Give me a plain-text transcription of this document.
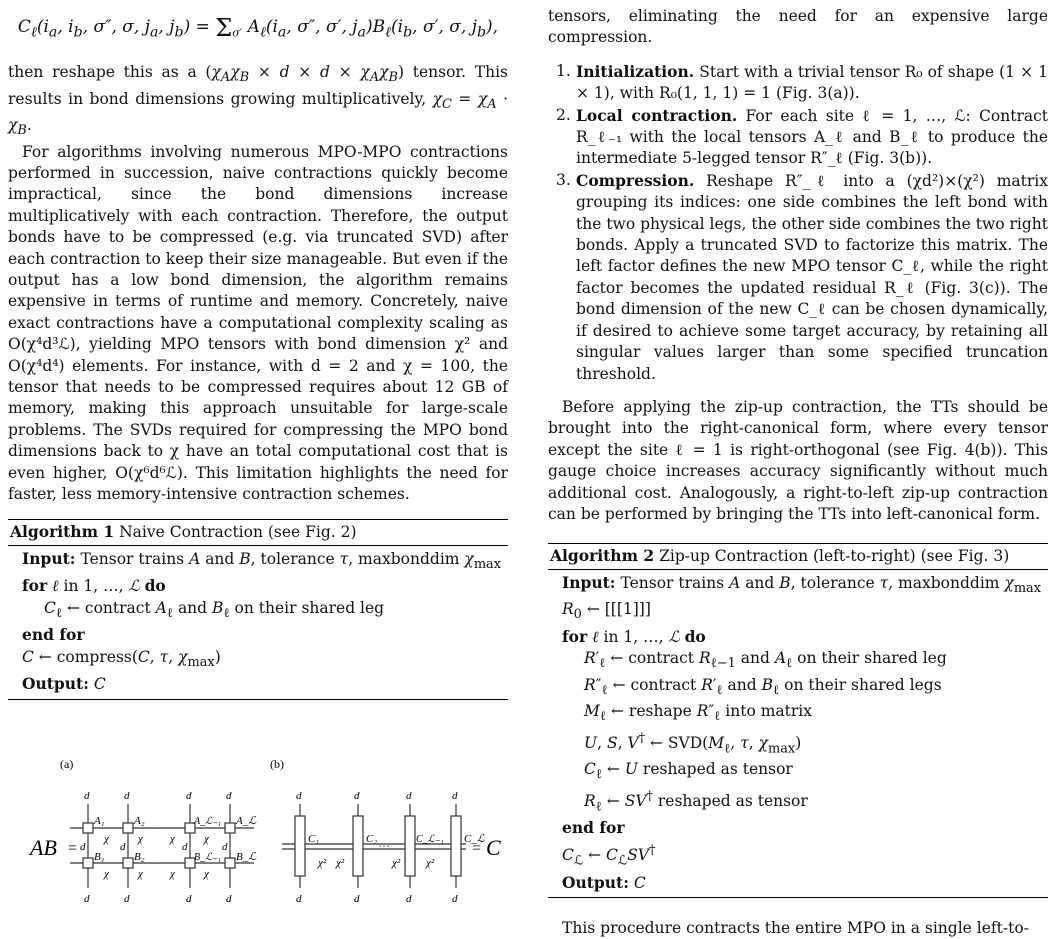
$C_\ell(i_a$, $i_b$, σ″, σ, $j_a$, $j_b) = \Sigma_{\sigma'}$ $A_\ell(i_a$, σ″, σ′, $j_a)B_\ell(i_b$, σ′, σ, $j_b$),

then reshape this as a $(\chi_A\chi_B \times d \times d \times \chi_A\chi_B)$ tensor. This results in bond dimensions growing multiplicatively, $\chi_C = \chi_A \cdot \chi_B$.

For algorithms involving numerous MPO-MPO contractions performed in succession, naive contractions quickly become impractical, since the bond dimensions increase multiplicatively with each contraction. Therefore, the output bonds have to be compressed (e.g. via truncated SVD) after each contraction to keep their size manageable. But even if the output has a low bond dimension, the algorithm remains expensive in terms of runtime and memory. Concretely, naive exact contractions have a computational complexity scaling as O(χ⁴d³ℒ), yielding MPO tensors with bond dimension χ² and O(χ⁴d⁴) elements. For instance, with d = 2 and χ = 100, the tensor that needs to be compressed requires about 12 GB of memory, making this approach unsuitable for large-scale problems. The SVDs required for compressing the MPO bond dimensions back to χ have an total computational cost that is even higher, O(χ⁶d⁶ℒ). This limitation highlights the need for faster, less memory-intensive contraction schemes.

Algorithm 1 Naive Contraction (see Fig. 2)
Input: Tensor trains A and B, tolerance τ, maxbonddim $\chi_{max}$
for ℓ in 1, …, ℒ do
$C_\ell$ ← contract $A_\ell$ and $B_\ell$ on their shared leg
end for
C ← compress(C, τ, $\chi_{max}$)
Output: C
(a)	(b)
AB =
d	d	d	d
d	d	d	d
d	d	d	d
χ	χ χ	χ
χ	χ χ	χ
A₁	A₂	A_ℒ₋₁ A_ℒ
B₁	B₂	B_ℒ₋₁ B_ℒ
⋯
⋯
d	d	d	d
d	d	d	d
C₁	C₂	C_ℒ₋₁ C_ℒ
χ² χ²	χ² χ²
⋯	= C

tensors, eliminating the need for an expensive large compression.

1. Initialization. Start with a trivial tensor R₀ of shape (1 × 1 × 1), with R₀(1, 1, 1) = 1 (Fig. 3(a)).
2. Local contraction. For each site ℓ = 1, …, ℒ: Contract R_ℓ₋₁ with the local tensors A_ℓ and B_ℓ to produce the intermediate 5-legged tensor R″_ℓ (Fig. 3(b)).
3. Compression. Reshape R″_ℓ into a (χd²)×(χ²) matrix grouping its indices: one side combines the left bond with the two physical legs, the other side combines the two right bonds. Apply a truncated SVD to factorize this matrix. The left factor defines the new MPO tensor C_ℓ, while the right factor becomes the updated residual R_ℓ (Fig. 3(c)). The bond dimension of the new C_ℓ can be chosen dynamically, if desired to achieve some target accuracy, by retaining all singular values larger than some specified truncation threshold.

Before applying the zip-up contraction, the TTs should be brought into the right-canonical form, where every tensor except the site ℓ = 1 is right-orthogonal (see Fig. 4(b)). This gauge choice increases accuracy significantly without much additional cost. Analogously, a right-to-left zip-up contraction can be performed by bringing the TTs into left-canonical form.

Algorithm 2 Zip-up Contraction (left-to-right) (see Fig. 3)
Input: Tensor trains A and B, tolerance τ, maxbonddim $\chi_{max}$
$R_0$ ← [[[1]]]
for ℓ in 1, …, ℒ do
$R'_\ell$ ← contract $R_{\ell-1}$ and $A_\ell$ on their shared leg
$R''_\ell$ ← contract $R'_\ell$ and $B_\ell$ on their shared legs
$M_\ell$ ← reshape $R''_\ell$ into matrix
U, S, V† ← $SVD(M_\ell$, τ, $\chi_{max}$)
$C_\ell$ ← U reshaped as tensor
$R_\ell$ ← SV† reshaped as tensor
end for
$C_ℒ$ ← $C_ℒSV^\dagger$
Output: C

This procedure contracts the entire MPO in a single left-to-
